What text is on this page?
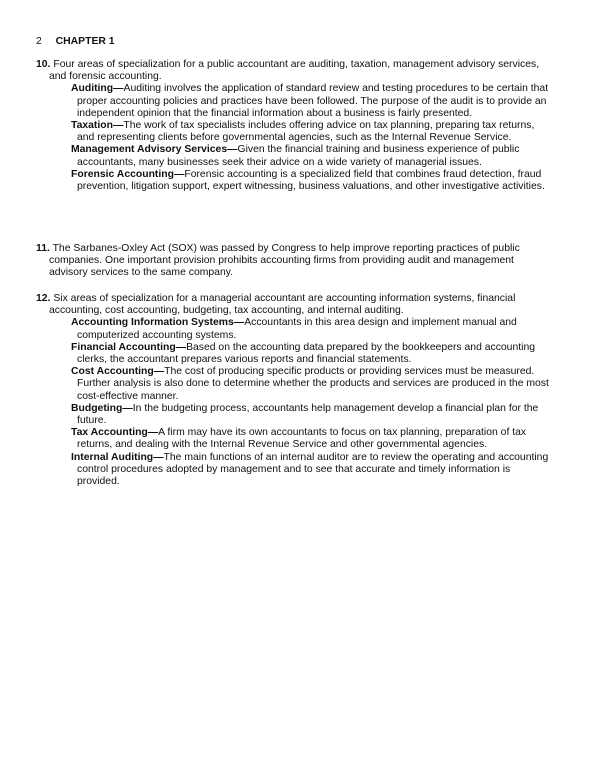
2 CHAPTER 1

10. Four areas of specialization for a public accountant are auditing, taxation, management advisory services, and forensic accounting.

Auditing—Auditing involves the application of standard review and testing procedures to be certain that proper accounting policies and practices have been followed. The purpose of the audit is to provide an independent opinion that the financial information about a business is fairly presented.

Taxation—The work of tax specialists includes offering advice on tax planning, preparing tax returns, and representing clients before governmental agencies, such as the Internal Revenue Service.

Management Advisory Services—Given the financial training and business experience of public accountants, many businesses seek their advice on a wide variety of managerial issues.

Forensic Accounting—Forensic accounting is a specialized field that combines fraud detection, fraud prevention, litigation support, expert witnessing, business valuations, and other investigative activities.

11. The Sarbanes-Oxley Act (SOX) was passed by Congress to help improve reporting practices of public companies. One important provision prohibits accounting firms from providing audit and management advisory services to the same company.

12. Six areas of specialization for a managerial accountant are accounting information systems, financial accounting, cost accounting, budgeting, tax accounting, and internal auditing.

Accounting Information Systems—Accountants in this area design and implement manual and computerized accounting systems.

Financial Accounting—Based on the accounting data prepared by the bookkeepers and accounting clerks, the accountant prepares various reports and financial statements.

Cost Accounting—The cost of producing specific products or providing services must be measured. Further analysis is also done to determine whether the products and services are produced in the most cost-effective manner.

Budgeting—In the budgeting process, accountants help management develop a financial plan for the future.

Tax Accounting—A firm may have its own accountants to focus on tax planning, preparation of tax returns, and dealing with the Internal Revenue Service and other governmental agencies.

Internal Auditing—The main functions of an internal auditor are to review the operating and accounting control procedures adopted by management and to see that accurate and timely information is provided.
